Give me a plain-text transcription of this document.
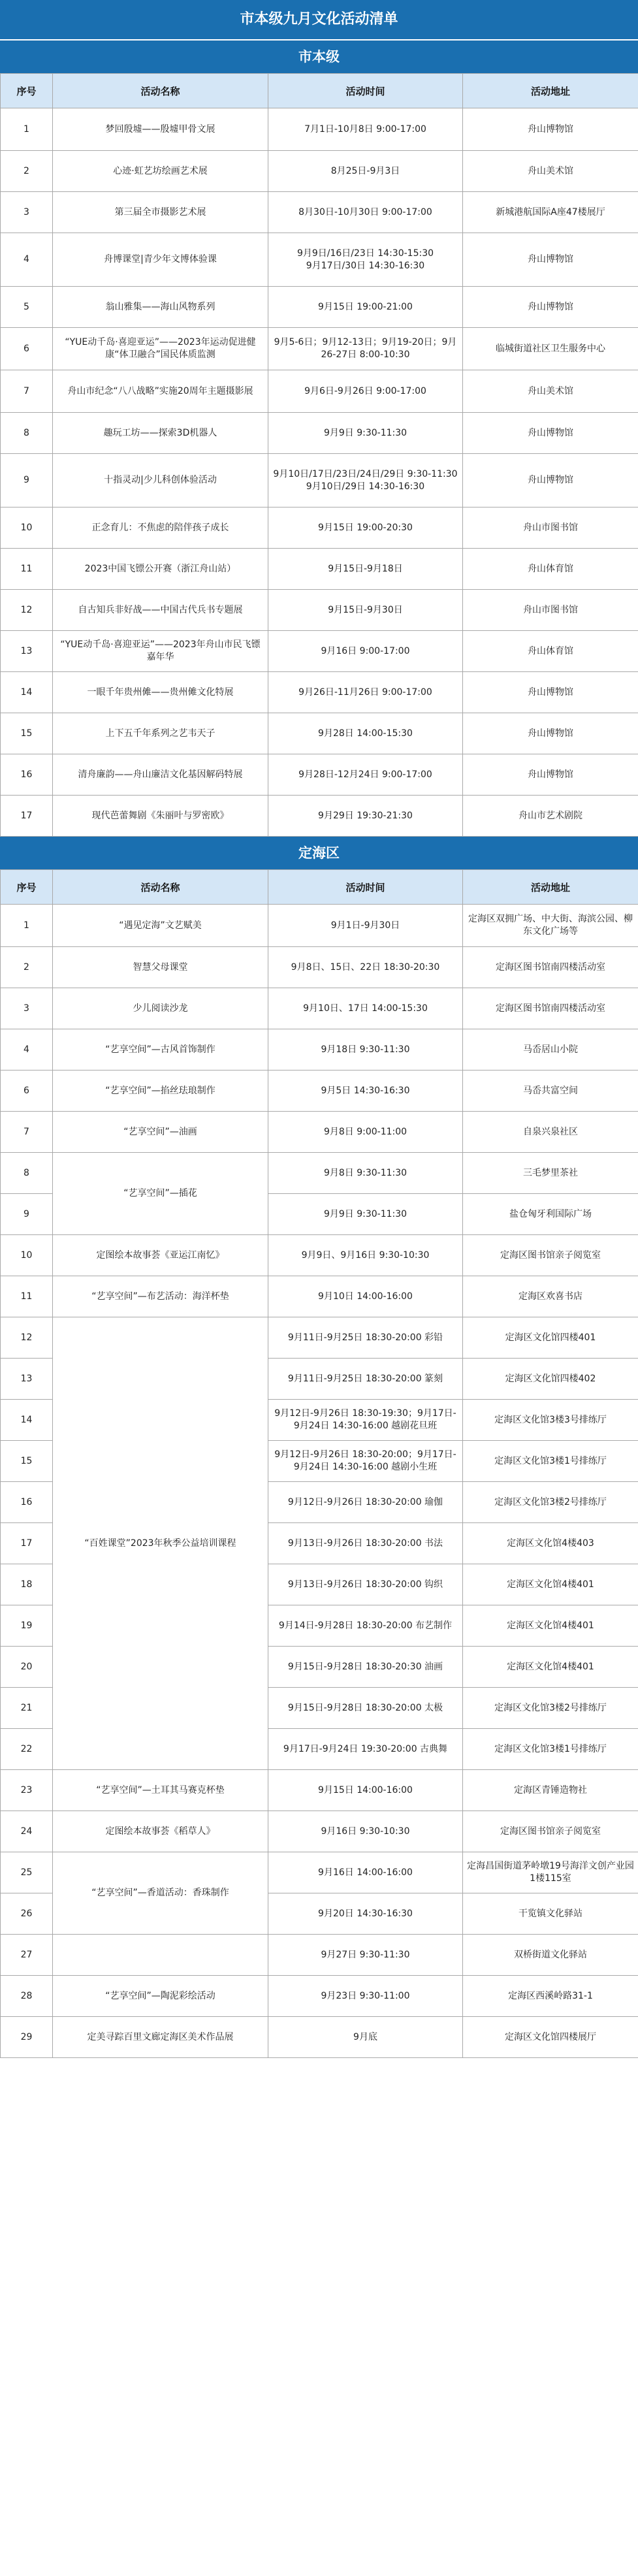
市本级九月文化活动清单
市本级
序号	活动名称	活动时间	活动地址
1	梦回殷墟——殷墟甲骨文展	7月1日-10月8日 9:00-17:00	舟山博物馆
2	心迹·虹艺坊绘画艺术展	8月25日-9月3日	舟山美术馆
3	第三届全市摄影艺术展	8月30日-10月30日 9:00-17:00	新城港航国际A座47楼展厅
4	舟博课堂|青少年文博体验课	9月9日/16日/23日 14:30-15:30
9月17日/30日 14:30-16:30	舟山博物馆
5	翁山雅集——海山风物系列	9月15日 19:00-21:00	舟山博物馆
6	“YUE动千岛·喜迎亚运”——2023年运动促进健康“体卫融合”国民体质监测	9月5-6日；9月12-13日；9月19-20日；9月26-27日 8:00-10:30	临城街道社区卫生服务中心
7	舟山市纪念“八八战略”实施20周年主题摄影展	9月6日-9月26日 9:00-17:00	舟山美术馆
8	趣玩工坊——探索3D机器人	9月9日 9:30-11:30	舟山博物馆
9	十指灵动|少儿科创体验活动	9月10日/17日/23日/24日/29日 9:30-11:30
9月10日/29日 14:30-16:30	舟山博物馆
10	正念育儿：不焦虑的陪伴孩子成长	9月15日 19:00-20:30	舟山市图书馆
11	2023中国飞镖公开赛（浙江舟山站）	9月15日-9月18日	舟山体育馆
12	自古知兵非好战——中国古代兵书专题展	9月15日-9月30日	舟山市图书馆
13	“YUE动千岛·喜迎亚运”——2023年舟山市民飞镖嘉年华	9月16日 9:00-17:00	舟山体育馆
14	一眼千年贵州傩——贵州傩文化特展	9月26日-11月26日 9:00-17:00	舟山博物馆
15	上下五千年系列之艺韦天子	9月28日 14:00-15:30	舟山博物馆
16	清舟廉韵——舟山廉洁文化基因解码特展	9月28日-12月24日 9:00-17:00	舟山博物馆
17	现代芭蕾舞剧《朱丽叶与罗密欧》	9月29日 19:30-21:30	舟山市艺术剧院
定海区
序号	活动名称	活动时间	活动地址
1	“遇见定海”文艺赋美	9月1日-9月30日	定海区双拥广场、中大街、海滨公园、柳东文化广场等
2	智慧父母课堂	9月8日、15日、22日 18:30-20:30	定海区图书馆南四楼活动室
3	少儿阅读沙龙	9月10日、17日 14:00-15:30	定海区图书馆南四楼活动室
4	“艺享空间”—古风首饰制作	9月18日 9:30-11:30	马岙居山小院
6	“艺享空间”—掐丝珐琅制作	9月5日 14:30-16:30	马岙共富空间
7	“艺享空间”—油画	9月8日 9:00-11:00	自泉兴泉社区
8	“艺享空间”—插花	9月8日 9:30-11:30	三毛梦里茶社
9		9月9日 9:30-11:30	盐仓匈牙利国际广场
10	定图绘本故事荟《亚运江南忆》	9月9日、9月16日 9:30-10:30	定海区图书馆亲子阅览室
11	“艺享空间”—布艺活动：海洋杯垫	9月10日 14:00-16:00	定海区欢喜书店
12	“百姓课堂”2023年秋季公益培训课程	9月11日-9月25日 18:30-20:00 彩铅	定海区文化馆四楼401
13		9月11日-9月25日 18:30-20:00 篆刻	定海区文化馆四楼402
14		9月12日-9月26日 18:30-19:30；9月17日-9月24日 14:30-16:00 越剧花旦班	定海区文化馆3楼3号排练厅
15		9月12日-9月26日 18:30-20:00；9月17日-9月24日 14:30-16:00 越剧小生班	定海区文化馆3楼1号排练厅
16		9月12日-9月26日 18:30-20:00 瑜伽	定海区文化馆3楼2号排练厅
17		9月13日-9月26日 18:30-20:00 书法	定海区文化馆4楼403
18		9月13日-9月26日 18:30-20:00 钩织	定海区文化馆4楼401
19		9月14日-9月28日 18:30-20:00 布艺制作	定海区文化馆4楼401
20		9月15日-9月28日 18:30-20:30 油画	定海区文化馆4楼401
21		9月15日-9月28日 18:30-20:00 太极	定海区文化馆3楼2号排练厅
22		9月17日-9月24日 19:30-20:00 古典舞	定海区文化馆3楼1号排练厅
23	“艺享空间”—土耳其马赛克杯垫	9月15日 14:00-16:00	定海区青锤造物社
24	定图绘本故事荟《稻草人》	9月16日 9:30-10:30	定海区图书馆亲子阅览室
25	“艺享空间”—香道活动：香珠制作	9月16日 14:00-16:00	定海昌国街道茅岭墩19号海洋文创产业园1楼115室
26		9月20日 14:30-16:30	干览镇文化驿站
27		9月27日 9:30-11:30	双桥街道文化驿站
28	“艺享空间”—陶泥彩绘活动	9月23日 9:30-11:00	定海区西溪岭路31-1
29	定美寻踪百里文廊定海区美术作品展	9月底	定海区文化馆四楼展厅
